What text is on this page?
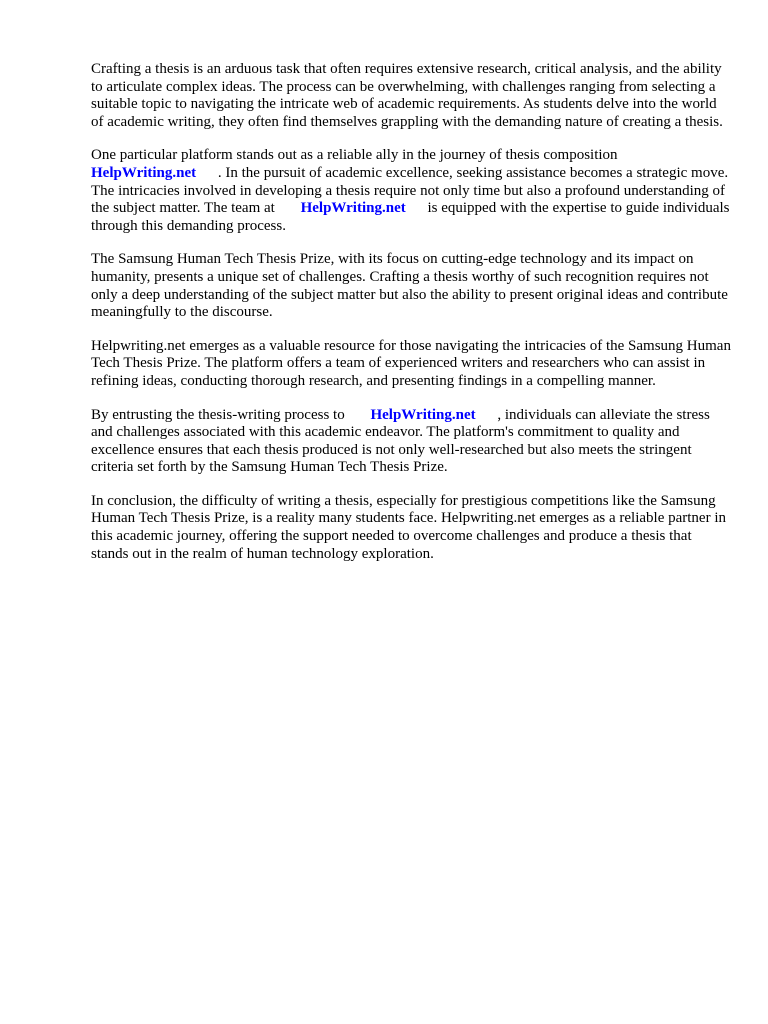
Crafting a thesis is an arduous task that often requires extensive research, critical analysis, and the ability to articulate complex ideas. The process can be overwhelming, with challenges ranging from selecting a suitable topic to navigating the intricate web of academic requirements. As students delve into the world of academic writing, they often find themselves grappling with the demanding nature of creating a thesis.

One particular platform stands out as a reliable ally in the journey of thesis composition
HelpWriting.net . In the pursuit of academic excellence, seeking assistance becomes a strategic move. The intricacies involved in developing a thesis require not only time but also a profound understanding of the subject matter. The team at HelpWriting.net is equipped with the expertise to guide individuals through this demanding process.

The Samsung Human Tech Thesis Prize, with its focus on cutting-edge technology and its impact on humanity, presents a unique set of challenges. Crafting a thesis worthy of such recognition requires not only a deep understanding of the subject matter but also the ability to present original ideas and contribute meaningfully to the discourse.

Helpwriting.net emerges as a valuable resource for those navigating the intricacies of the Samsung Human Tech Thesis Prize. The platform offers a team of experienced writers and researchers who can assist in refining ideas, conducting thorough research, and presenting findings in a compelling manner.

By entrusting the thesis-writing process to HelpWriting.net , individuals can alleviate the stress and challenges associated with this academic endeavor. The platform's commitment to quality and excellence ensures that each thesis produced is not only well-researched but also meets the stringent criteria set forth by the Samsung Human Tech Thesis Prize.

In conclusion, the difficulty of writing a thesis, especially for prestigious competitions like the Samsung Human Tech Thesis Prize, is a reality many students face. Helpwriting.net emerges as a reliable partner in this academic journey, offering the support needed to overcome challenges and produce a thesis that stands out in the realm of human technology exploration.
